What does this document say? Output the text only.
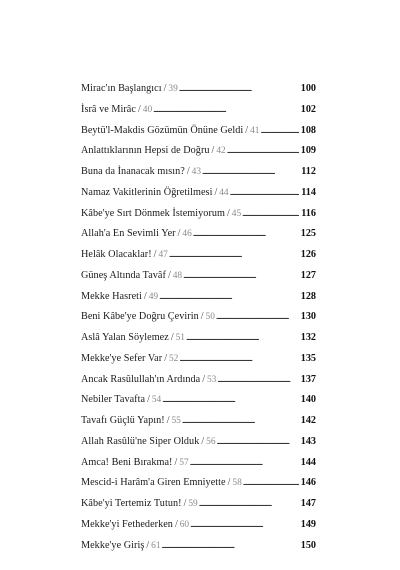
Mirac'ın Başlangıcı / 39 . . .	100
İsrâ ve Mirâc / 40 . . .	102
Beytü'l-Makdis Gözümün Önüne Geldi / 41 . . .	108
Anlattıklarının Hepsi de Doğru / 42 . . .	109
Buna da İnanacak mısın? / 43 . . .	112
Namaz Vakitlerinin Öğretilmesi / 44 . . .	114
Kâbe'ye Sırt Dönmek İstemiyorum / 45 . . .	116
Allah'a En Sevimli Yer / 46 . . .	125
Helâk Olacaklar! / 47 . . .	126
Güneş Altında Tavâf / 48 . . .	127
Mekke Hasreti / 49 . . .	128
Beni Kâbe'ye Doğru Çevirin / 50 . . .	130
Aslâ Yalan Söylemez / 51 . . .	132
Mekke'ye Sefer Var / 52 . . .	135
Ancak Rasûlullah'ın Ardında / 53 . . .	137
Nebiler Tavafta / 54 . . .	140
Tavafı Güçlü Yapın! / 55 . . .	142
Allah Rasûlü'ne Siper Olduk / 56 . . .	143
Amca! Beni Bırakma! / 57 . . .	144
Mescid-i Harâm'a Giren Emniyette / 58 . . .	146
Kâbe'yi Tertemiz Tutun! / 59 . . .	147
Mekke'yi Fethederken / 60 . . .	149
Mekke'ye Giriş / 61 . . .	150
